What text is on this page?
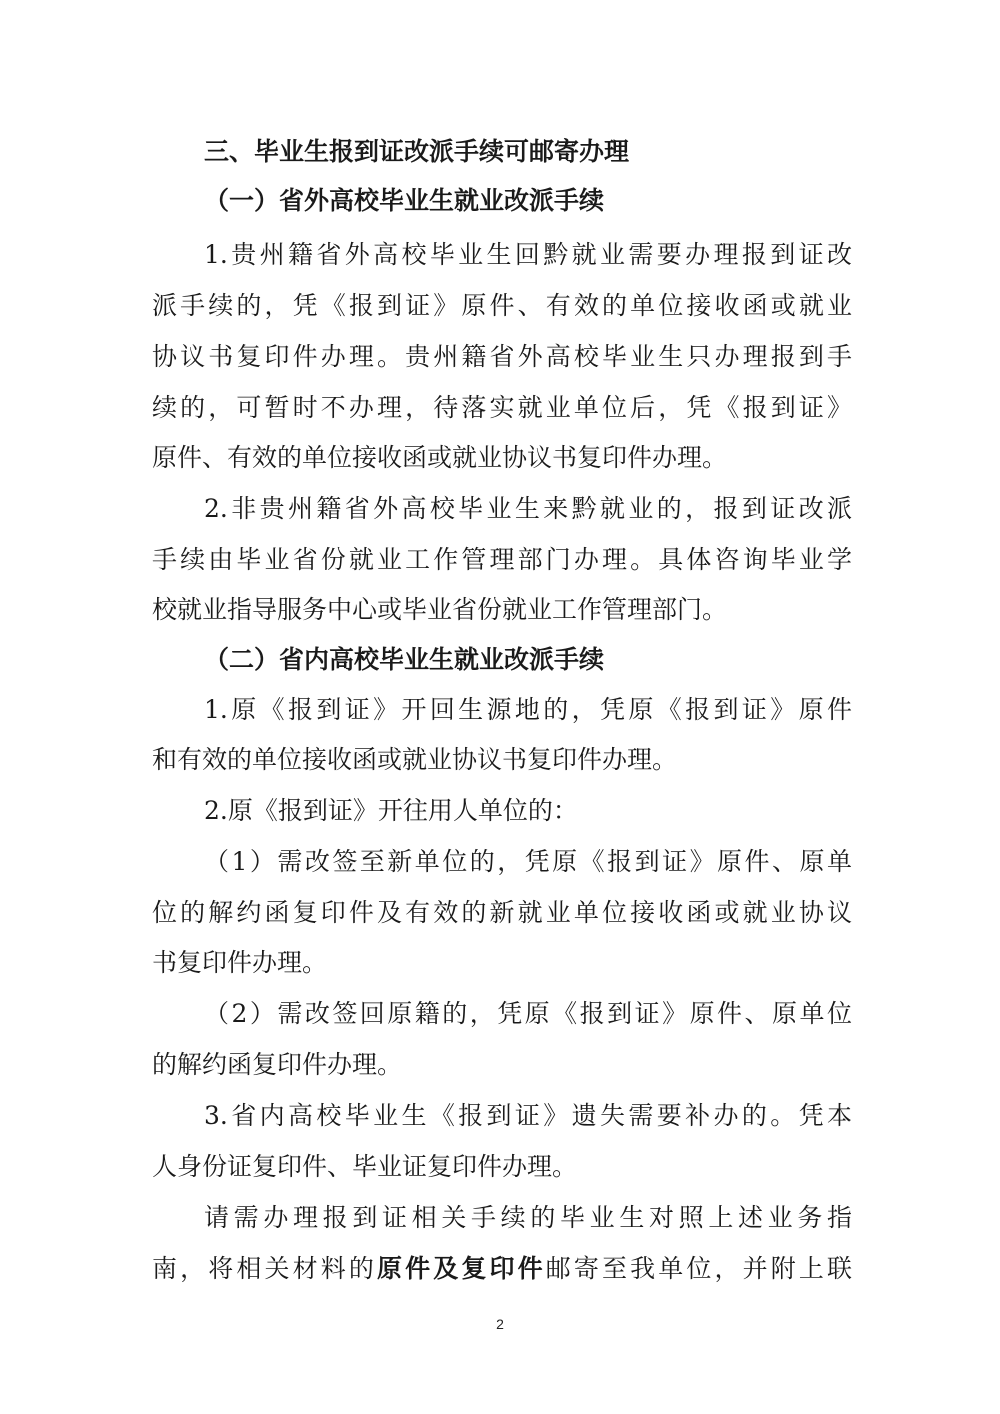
三、毕业生报到证改派手续可邮寄办理
（一）省外高校毕业生就业改派手续
1.贵州籍省外高校毕业生回黔就业需要办理报到证改
派手续的，凭《报到证》原件、有效的单位接收函或就业
协议书复印件办理。贵州籍省外高校毕业生只办理报到手
续的，可暂时不办理，待落实就业单位后，凭《报到证》
原件、有效的单位接收函或就业协议书复印件办理。
2.非贵州籍省外高校毕业生来黔就业的，报到证改派
手续由毕业省份就业工作管理部门办理。具体咨询毕业学
校就业指导服务中心或毕业省份就业工作管理部门。
（二）省内高校毕业生就业改派手续
1.原《报到证》开回生源地的，凭原《报到证》原件
和有效的单位接收函或就业协议书复印件办理。
2.原《报到证》开往用人单位的：
（1）需改签至新单位的，凭原《报到证》原件、原单
位的解约函复印件及有效的新就业单位接收函或就业协议
书复印件办理。
（2）需改签回原籍的，凭原《报到证》原件、原单位
的解约函复印件办理。
3.省内高校毕业生《报到证》遗失需要补办的。凭本
人身份证复印件、毕业证复印件办理。
请需办理报到证相关手续的毕业生对照上述业务指
南，将相关材料的原件及复印件邮寄至我单位，并附上联
2
